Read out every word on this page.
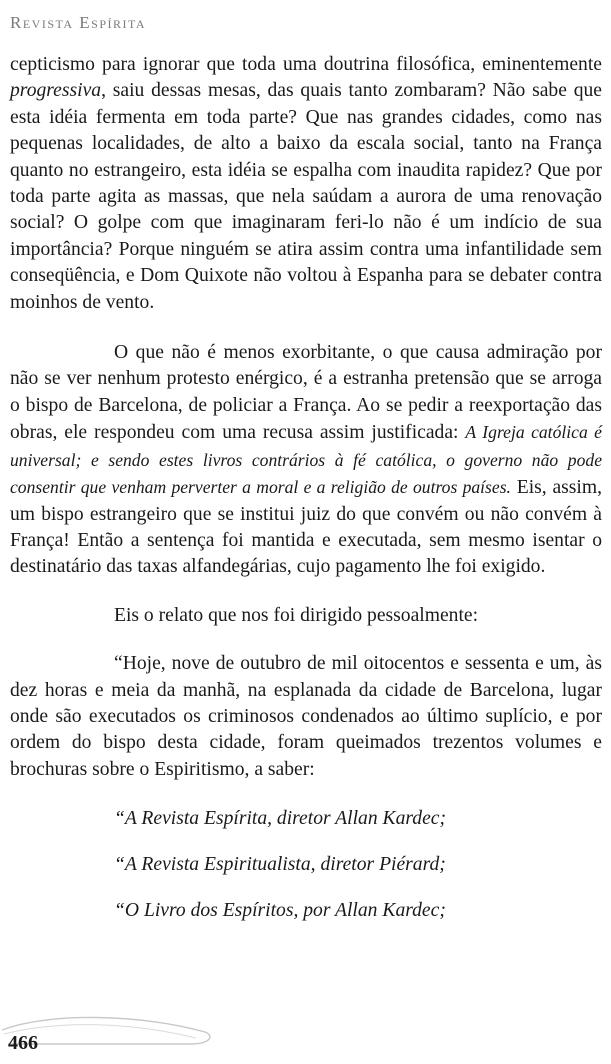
Revista Espírita

cepticismo para ignorar que toda uma doutrina filosófica, eminentemente progressiva, saiu dessas mesas, das quais tanto zombaram? Não sabe que esta idéia fermenta em toda parte? Que nas grandes cidades, como nas pequenas localidades, de alto a baixo da escala social, tanto na França quanto no estrangeiro, esta idéia se espalha com inaudita rapidez? Que por toda parte agita as massas, que nela saúdam a aurora de uma renovação social? O golpe com que imaginaram feri-lo não é um indício de sua importância? Porque ninguém se atira assim contra uma infantilidade sem conseqüência, e Dom Quixote não voltou à Espanha para se debater contra moinhos de vento.

O que não é menos exorbitante, o que causa admiração por não se ver nenhum protesto enérgico, é a estranha pretensão que se arroga o bispo de Barcelona, de policiar a França. Ao se pedir a reexportação das obras, ele respondeu com uma recusa assim justificada: A Igreja católica é universal; e sendo estes livros contrários à fé católica, o governo não pode consentir que venham perverter a moral e a religião de outros países. Eis, assim, um bispo estrangeiro que se institui juiz do que convém ou não convém à França! Então a sentença foi mantida e executada, sem mesmo isentar o destinatário das taxas alfandegárias, cujo pagamento lhe foi exigido.

Eis o relato que nos foi dirigido pessoalmente:

“Hoje, nove de outubro de mil oitocentos e sessenta e um, às dez horas e meia da manhã, na esplanada da cidade de Barcelona, lugar onde são executados os criminosos condenados ao último suplício, e por ordem do bispo desta cidade, foram queimados trezentos volumes e brochuras sobre o Espiritismo, a saber:

“A Revista Espírita, diretor Allan Kardec;
“A Revista Espiritualista, diretor Piérard;
“O Livro dos Espíritos, por Allan Kardec;
466
